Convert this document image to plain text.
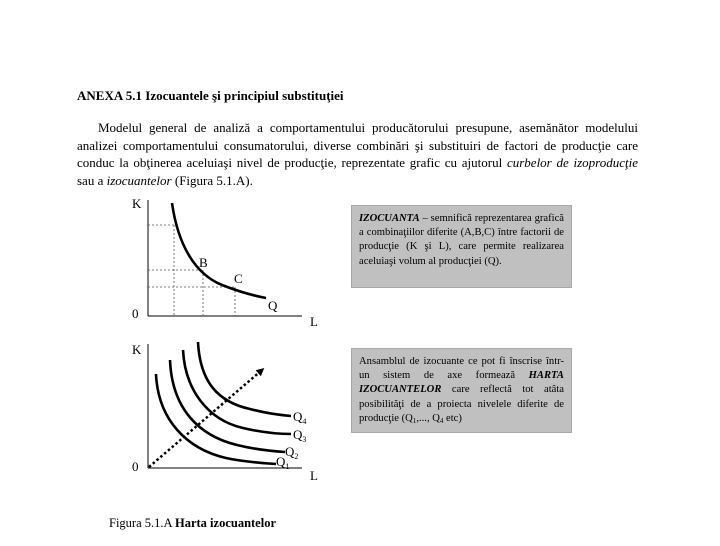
ANEXA 5.1 Izocuantele şi principiul substituţiei
Modelul general de analiză a comportamentului producătorului presupune, asemănător modelului analizei comportamentului consumatorului, diverse combinări şi substituiri de factori de producţie care conduc la obţinerea aceluiaşi nivel de producţie, reprezentate grafic cu ajutorul curbelor de izoproducţie sau a izocuantelor (Figura 5.1.A).
K
0
L
B
C
Q
K
0
L
$Q_4$
$Q_3$
$Q_2$
$Q_1$
IZOCUANTA – semnifică reprezentarea grafică a combinaţiilor diferite (A,B,C) între factorii de producţie (K şi L), care permite realizarea aceluiaşi volum al producţiei (Q).
Ansamblul de izocuante ce pot fi înscrise într-un sistem de axe formează HARTA IZOCUANTELOR care reflectă tot atâta posibilităţi de a proiecta nivelele diferite de producţie ($Q_1$,..., $Q_4$ etc)
Figura 5.1.A Harta izocuantelor
